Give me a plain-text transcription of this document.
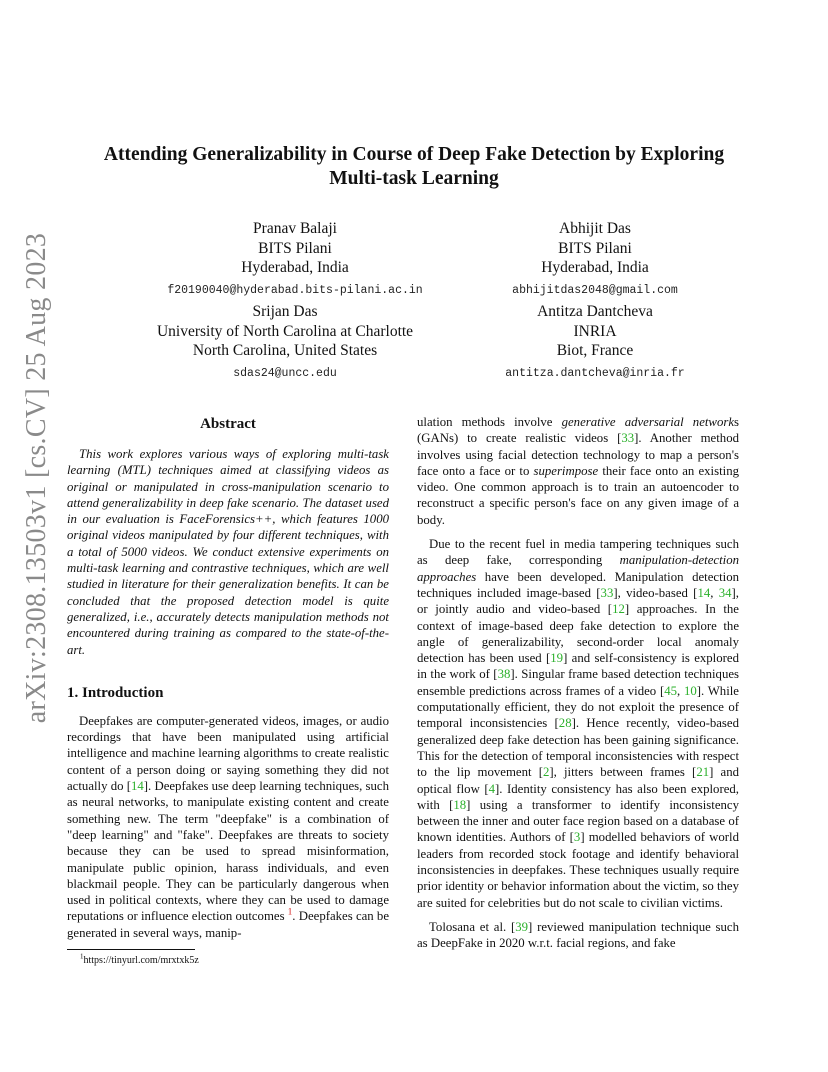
arXiv:2308.13503v1 [cs.CV] 25 Aug 2023
Attending Generalizability in Course of Deep Fake Detection by Exploring
Multi-task Learning
Pranav Balaji
BITS Pilani
Hyderabad, India
f20190040@hyderabad.bits-pilani.ac.in
Abhijit Das
BITS Pilani
Hyderabad, India
abhijitdas2048@gmail.com
Srijan Das
University of North Carolina at Charlotte
North Carolina, United States
sdas24@uncc.edu
Antitza Dantcheva
INRIA
Biot, France
antitza.dantcheva@inria.fr
Abstract

This work explores various ways of exploring multi-task learning (MTL) techniques aimed at classifying videos as original or manipulated in cross-manipulation scenario to attend generalizability in deep fake scenario. The dataset used in our evaluation is FaceForensics++, which features 1000 original videos manipulated by four different techniques, with a total of 5000 videos. We conduct extensive experiments on multi-task learning and contrastive techniques, which are well studied in literature for their generalization benefits. It can be concluded that the proposed detection model is quite generalized, i.e., accurately detects manipulation methods not encountered during training as compared to the state-of-the-art.

1. Introduction

Deepfakes are computer-generated videos, images, or audio recordings that have been manipulated using artificial intelligence and machine learning algorithms to create realistic content of a person doing or saying something they did not actually do [14]. Deepfakes use deep learning techniques, such as neural networks, to manipulate existing content and create something new. The term "deepfake" is a combination of "deep learning" and "fake". Deepfakes are threats to society because they can be used to spread misinformation, manipulate public opinion, harass individuals, and even blackmail people. They can be particularly dangerous when used in political contexts, where they can be used to damage reputations or influence election outcomes $^1$. Deepfakes can be generated in several ways, manip-

$^1$https://tinyurl.com/mrxtxk5z

ulation methods involve generative adversarial networks (GANs) to create realistic videos [33]. Another method involves using facial detection technology to map a person's face onto a face or to superimpose their face onto an existing video. One common approach is to train an autoencoder to reconstruct a specific person's face on any given image of a body.

Due to the recent fuel in media tampering techniques such as deep fake, corresponding manipulation-detection approaches have been developed. Manipulation detection techniques included image-based [33], video-based [14, 34], or jointly audio and video-based [12] approaches. In the context of image-based deep fake detection to explore the angle of generalizability, second-order local anomaly detection has been used [19] and self-consistency is explored in the work of [38]. Singular frame based detection techniques ensemble predictions across frames of a video [45, 10]. While computationally efficient, they do not exploit the presence of temporal inconsistencies [28]. Hence recently, video-based generalized deep fake detection has been gaining significance. This for the detection of temporal inconsistencies with respect to the lip movement [2], jitters between frames [21] and optical flow [4]. Identity consistency has also been explored, with [18] using a transformer to identify inconsistency between the inner and outer face region based on a database of known identities. Authors of [3] modelled behaviors of world leaders from recorded stock footage and identify behavioral inconsistencies in deepfakes. These techniques usually require prior identity or behavior information about the victim, so they are suited for celebrities but do not scale to civilian victims.

Tolosana et al. [39] reviewed manipulation technique such as DeepFake in 2020 w.r.t. facial regions, and fake
